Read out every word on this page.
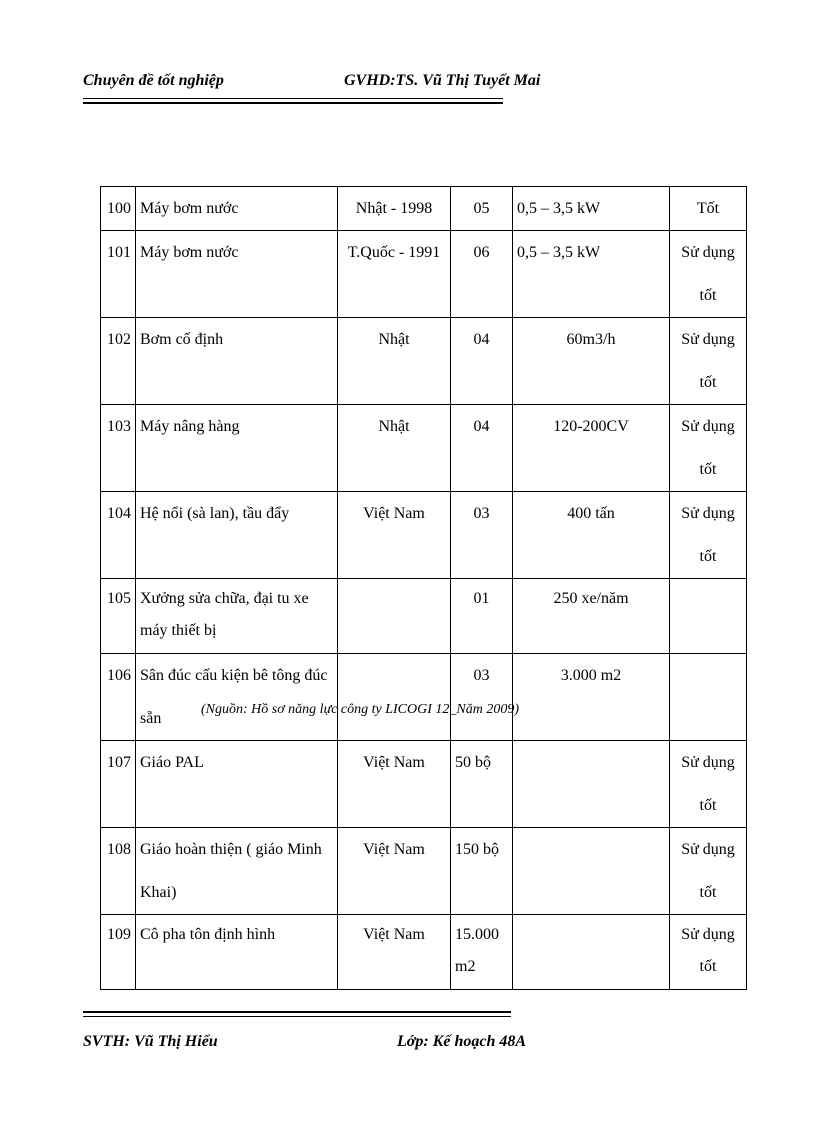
Chuyên đề tốt nghiệp	GVHD:TS. Vũ Thị Tuyết Mai
100	Máy bơm nước	Nhật - 1998	05	0,5 – 3,5 kW	Tốt
101	Máy bơm nước	T.Quốc - 1991	06	0,5 – 3,5 kW	Sử dụng tốt
102	Bơm cố định	Nhật	04	60m3/h	Sử dụng tốt
103	Máy nâng hàng	Nhật	04	120-200CV	Sử dụng tốt
104	Hệ nổi (sà lan), tầu đẩy	Việt Nam	03	400 tấn	Sử dụng tốt
105	Xưởng sửa chữa, đại tu xe máy thiết bị		01	250 xe/năm	
106	Sân đúc cấu kiện bê tông đúc sẵn		03	3.000 m2	
107	Giáo PAL	Việt Nam	50 bộ		Sử dụng tốt
108	Giáo hoàn thiện ( giáo Minh Khai)	Việt Nam	150 bộ		Sử dụng tốt
109	Cô pha tôn định hình	Việt Nam	15.000 m2		Sử dụng tốt
(Nguồn: Hồ sơ năng lực công ty LICOGI 12_Năm 2009)
SVTH: Vũ Thị Hiểu	Lớp: Kế hoạch 48A
